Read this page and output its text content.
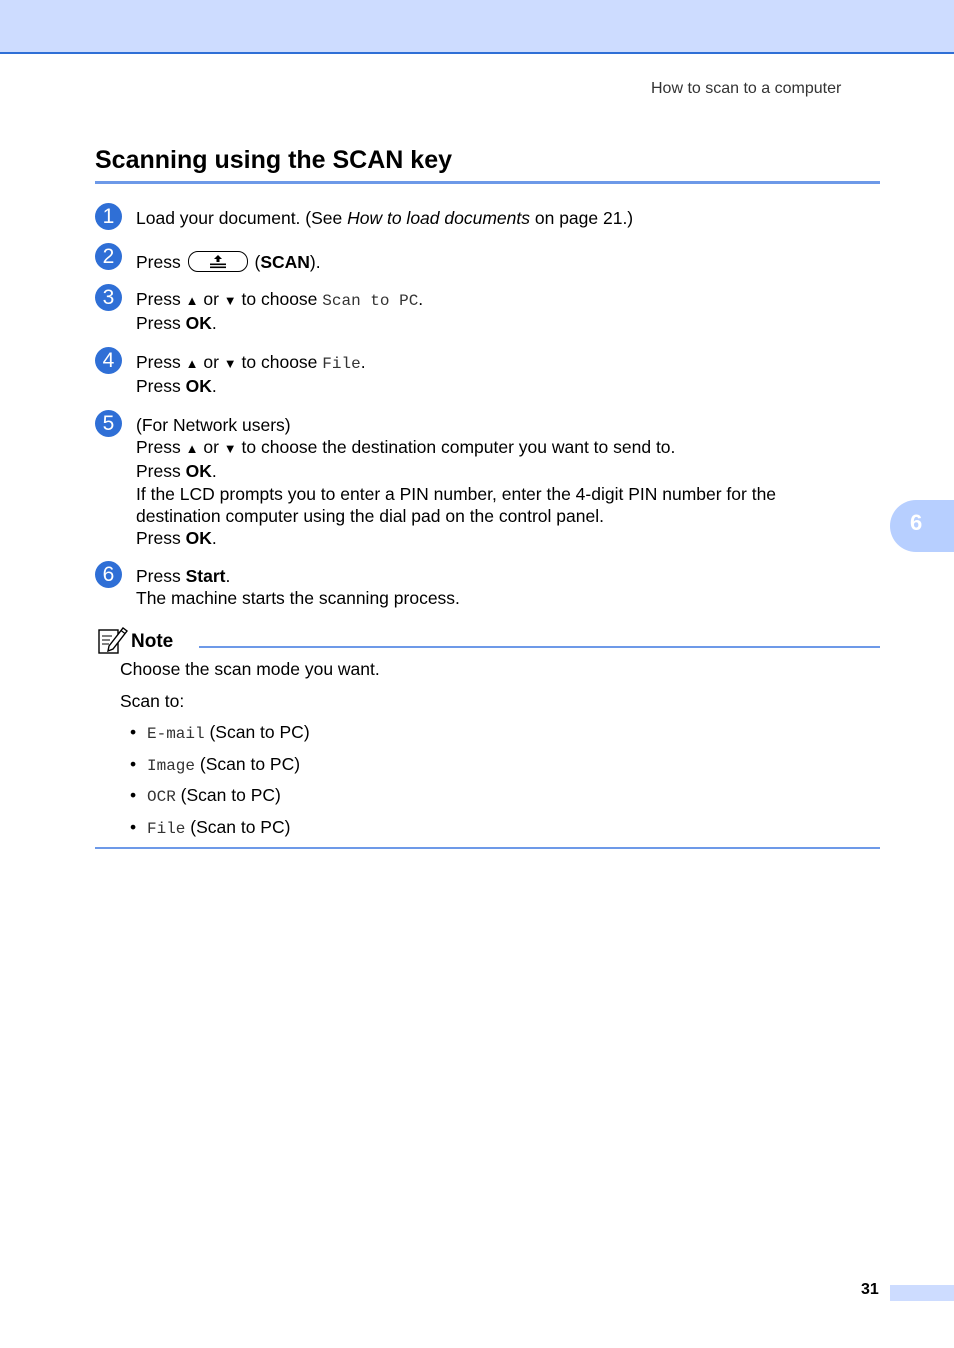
How to scan to a computer
Scanning using the SCAN key
1	Load your document. (See How to load documents on page 21.)
2	Press	(SCAN).
3	Press ▲ or ▼ to choose Scan to PC.
Press OK.
4	Press ▲ or ▼ to choose File.
Press OK.
5	(For Network users)
Press ▲ or ▼ to choose the destination computer you want to send to.
Press OK.
If the LCD prompts you to enter a PIN number, enter the 4-digit PIN number for the destination computer using the dial pad on the control panel.
Press OK.
6	Press Start.
The machine starts the scanning process.
Note
Choose the scan mode you want.
Scan to:
• E-mail (Scan to PC)
• Image (Scan to PC)
• OCR (Scan to PC)
• File (Scan to PC)
6
31
